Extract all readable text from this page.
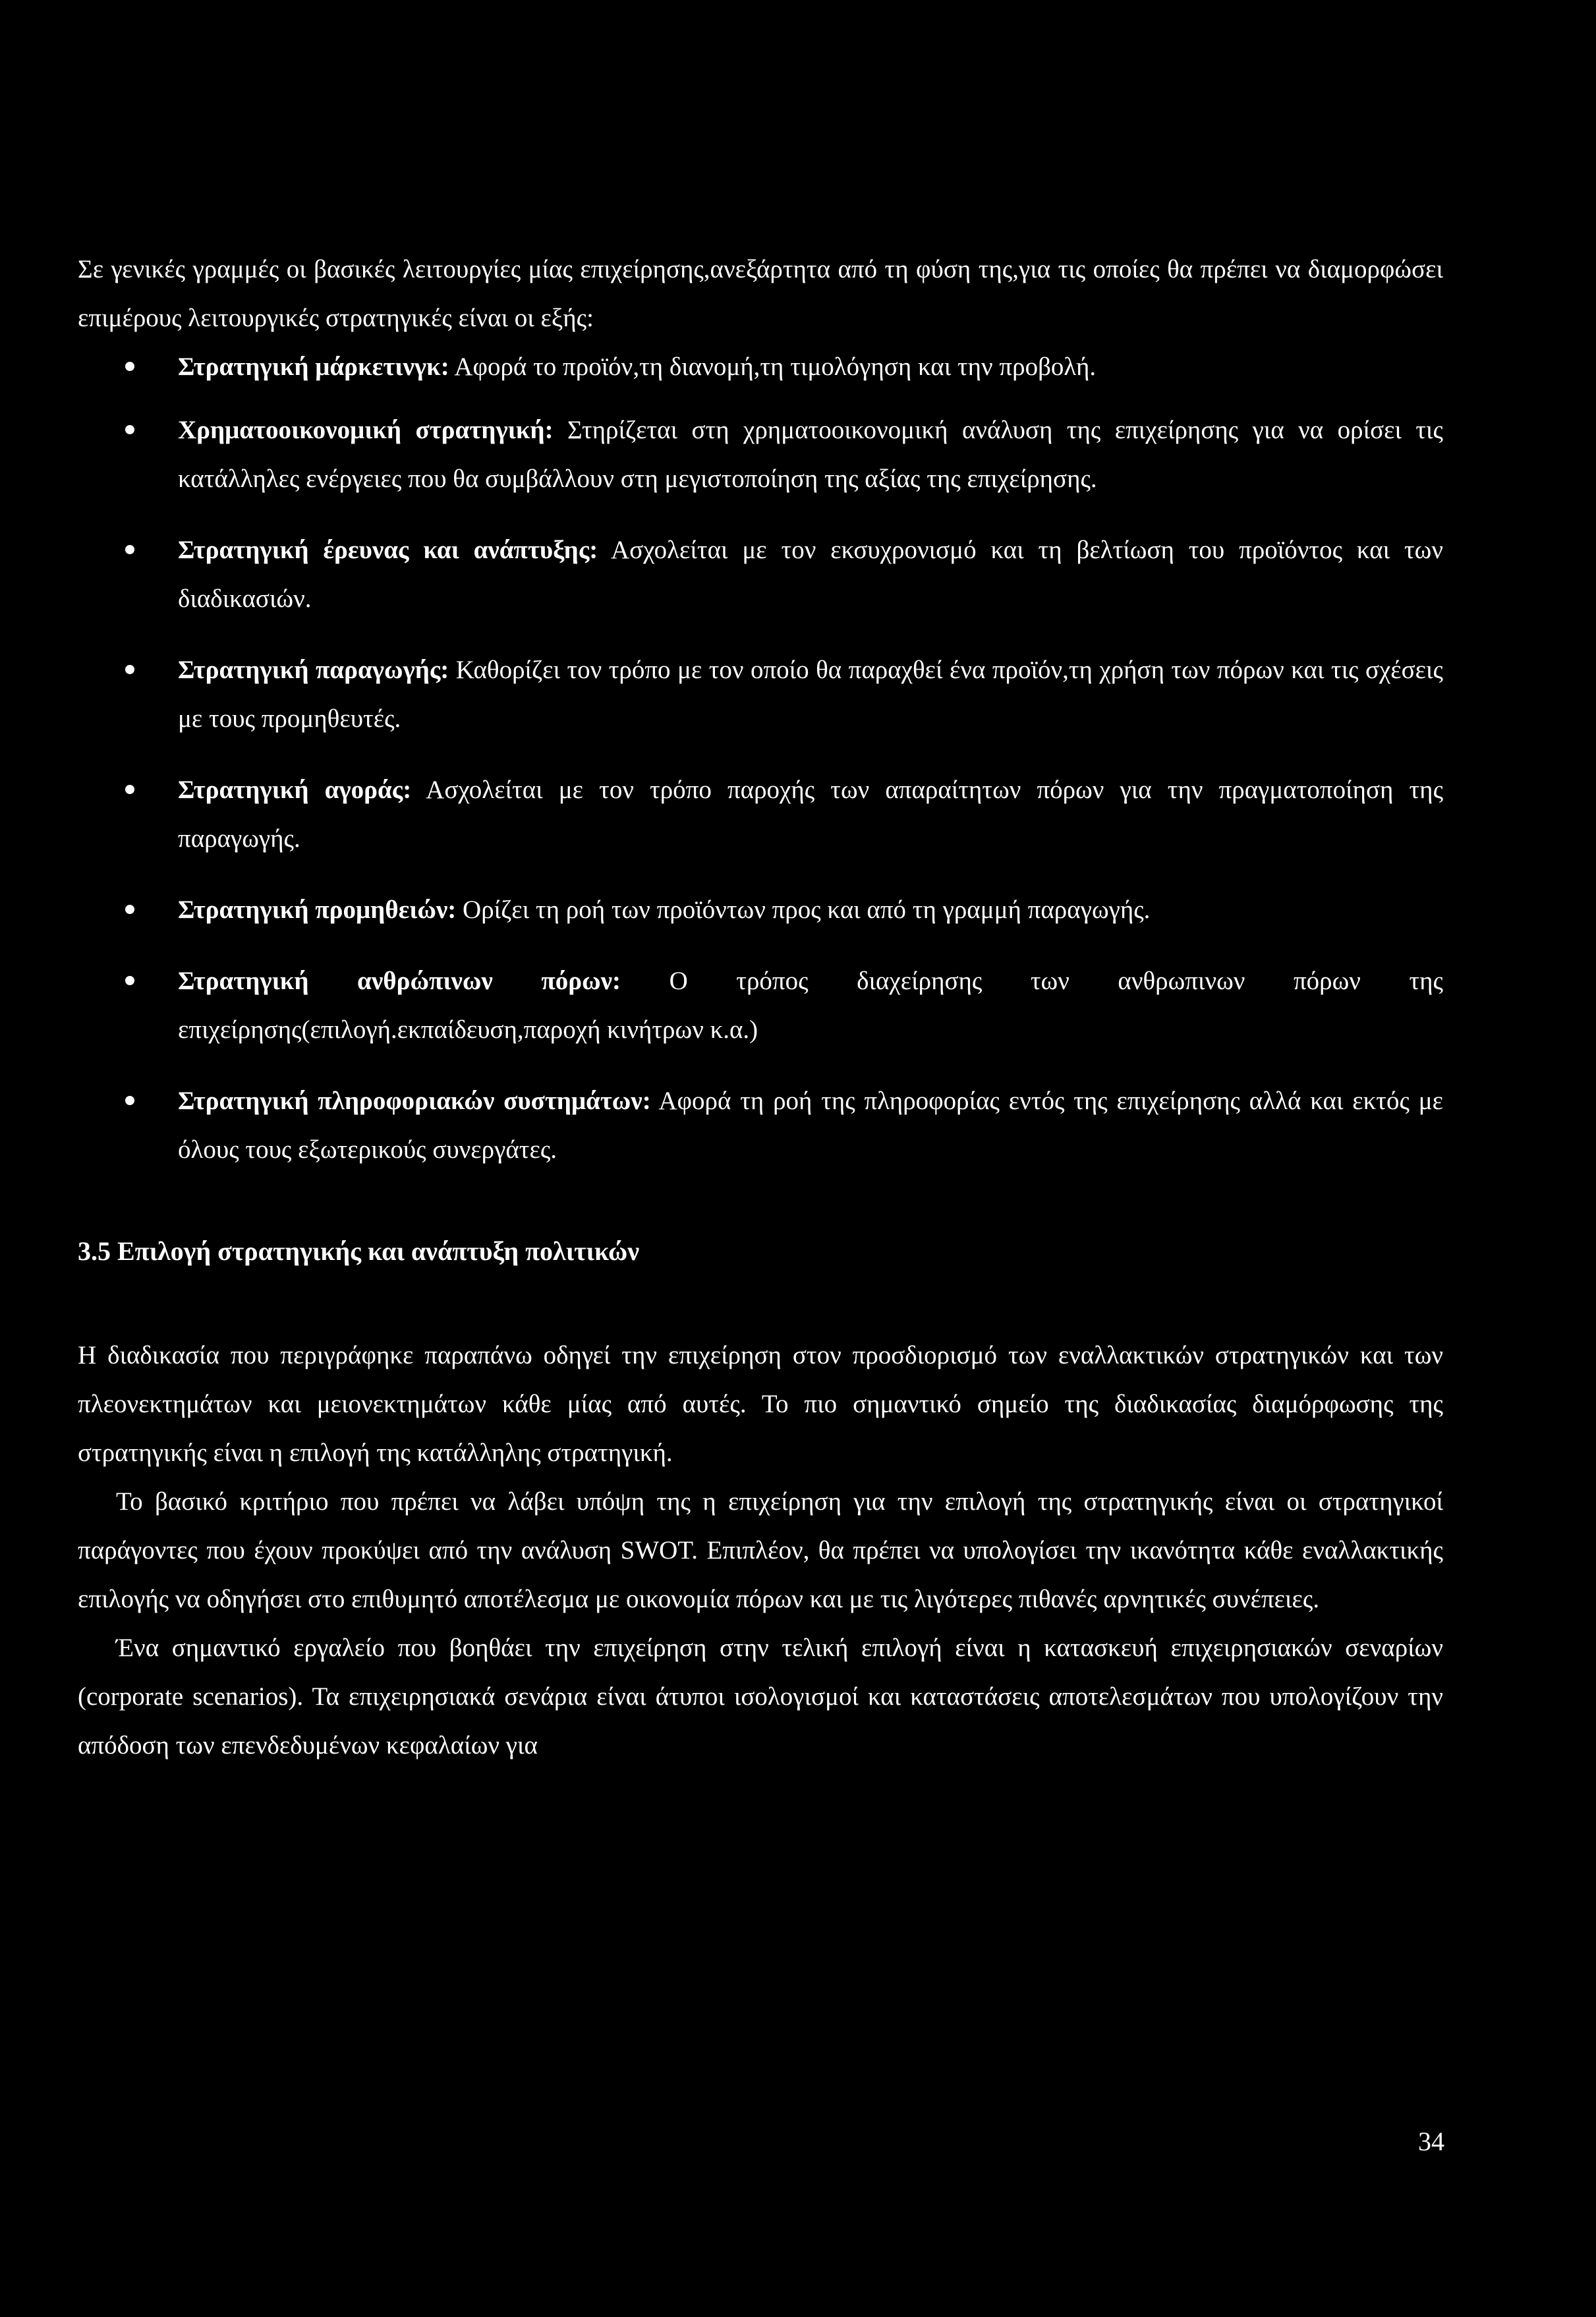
Σε γενικές γραμμές οι βασικές λειτουργίες μίας επιχείρησης,ανεξάρτητα από τη φύση της,για τις οποίες θα πρέπει να διαμορφώσει επιμέρους λειτουργικές στρατηγικές είναι οι εξής:

Στρατηγική μάρκετινγκ: Αφορά το προϊόν,τη διανομή,τη τιμολόγηση και την προβολή.
Χρηματοοικονομική στρατηγική: Στηρίζεται στη χρηματοοικονομική ανάλυση της επιχείρησης για να ορίσει τις κατάλληλες ενέργειες που θα συμβάλλουν στη μεγιστοποίηση της αξίας της επιχείρησης.
Στρατηγική έρευνας και ανάπτυξης: Ασχολείται με τον εκσυχρονισμό και τη βελτίωση του προϊόντος και των διαδικασιών.
Στρατηγική παραγωγής: Καθορίζει τον τρόπο με τον οποίο θα παραχθεί ένα προϊόν,τη χρήση των πόρων και τις σχέσεις με τους προμηθευτές.
Στρατηγική αγοράς: Ασχολείται με τον τρόπο παροχής των απαραίτητων πόρων για την πραγματοποίηση της παραγωγής.
Στρατηγική προμηθειών: Ορίζει τη ροή των προϊόντων προς και από τη γραμμή παραγωγής.
Στρατηγική ανθρώπινων πόρων: Ο τρόπος διαχείρησης των ανθρωπινων πόρων της επιχείρησης(επιλογή.εκπαίδευση,παροχή κινήτρων κ.α.)
Στρατηγική πληροφοριακών συστημάτων: Αφορά τη ροή της πληροφορίας εντός της επιχείρησης αλλά και εκτός με όλους τους εξωτερικούς συνεργάτες.
3.5 Επιλογή στρατηγικής και ανάπτυξη πολιτικών

Η διαδικασία που περιγράφηκε παραπάνω οδηγεί την επιχείρηση στον προσδιορισμό των εναλλακτικών στρατηγικών και των πλεονεκτημάτων και μειονεκτημάτων κάθε μίας από αυτές. Το πιο σημαντικό σημείο της διαδικασίας διαμόρφωσης της στρατηγικής είναι η επιλογή της κατάλληλης στρατηγική.

Το βασικό κριτήριο που πρέπει να λάβει υπόψη της η επιχείρηση για την επιλογή της στρατηγικής είναι οι στρατηγικοί παράγοντες που έχουν προκύψει από την ανάλυση SWOT. Επιπλέον, θα πρέπει να υπολογίσει την ικανότητα κάθε εναλλακτικής επιλογής να οδηγήσει στο επιθυμητό αποτέλεσμα με οικονομία πόρων και με τις λιγότερες πιθανές αρνητικές συνέπειες.

Ένα σημαντικό εργαλείο που βοηθάει την επιχείρηση στην τελική επιλογή είναι η κατασκευή επιχειρησιακών σεναρίων (corporate scenarios). Τα επιχειρησιακά σενάρια είναι άτυποι ισολογισμοί και καταστάσεις αποτελεσμάτων που υπολογίζουν την απόδοση των επενδεδυμένων κεφαλαίων για

34
